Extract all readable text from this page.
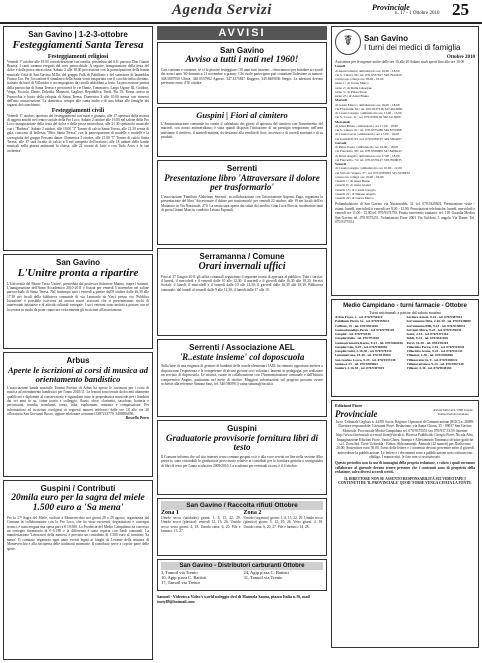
Agenda Servizi	Provinciale
n. 17 - 1 Ottobre 2010 25
San Gavino | 1-2-3-ottobre
Festeggiamenti Santa Teresa
Festeggiamenti religiosi

Venerdì 1° ottobre alle 18.00 concelebrazione con omelia, presieduta dal S.E. parroco Don Gianni Branca. I canti saranno eseguiti dal coro parrocchiale. A seguire, inaugurazione della festa del dolce e della pesca miracolosa. Sabato 2 alle 18.00 processione con la partecipazione della banda musicale Città di San Gavino M.llo, del gruppo Folk di Pabillonis e del suonatore di launeddas Franco Lor. Per l'occasione il simulacro della Santa verrà trasportato con il cocchio infiocchettato, trainato da buoi di Villacidro e accompagnato da cavalli addobbati a festa. La processione partirà dalla parrocchia di Santa Teresa e percorrerà le vie Dante, Tommaseo, Largo Ugone III, Goldoni, Verga, Foscolo, Dante, Deledda, Manzoni, Gagliari, Repubblica, Verdi, Pio IX, Roma, arrivo in Parrocchia e bacio della reliquia di Santa Teresa. Domenica 3 alle 10.00 messa con rinnovo dell'atto consacrazione. La domenica, sempre alle canta anche e di una bibita alle famiglie dei ragazzi del catechismo.

Festeggiamenti civili

Venerdì 1° ottobre, apertura dei festeggiamenti con ruzzi e granaio; alle 17 apertura della mostra di oggetti antichi nel centro sociale della Pro Loco. Sabato 2 ottobre alle 16.00 nel salone della Pro Loco inaugurazione della festa del dolce e della pesca miracolosa, alle 21.30 spettacolo musicale con i "Barbera". Sabato 2 ottobre, alle 18.00 "I" Torneo di calcio Santa Teresa, alle 21.30 serata di gala, concorso di bellezza "Miss Santa Teresa" con la partecipazione di modelle e modelli e la coreografia del gruppo Pessona danze. Domenica 3 ottobre, alle 15.00 "I" Torneo di calcio Santa Teresa; alle 17 sarà fornito di calcio a 5 nel campetto dell'oratorio; alle 18 radune delle bande musicali nella piazza antistante la chiesa; alle 22 sconto di lotto e con 'Italo Arcis e la sua orchestra'.

San Gavino
L'Unitre pronta a ripartire

L'Università del Monte Terza 'Unitre', presieduta dal professor Salvatore Manno, riapre i battenti. L'inaugurazione dell'Anno Accademico 2010-2011 è fissata per venerdì 5 novembre nel salone parrocchiale di Santa Teresa. Nel frattempo tutti i venerdì a partire dall'8 ottobre dalle 16.30 alle 17.30 nei locali della biblioteca comunale di via Leonardo da Vinci presso via 'Pubblica Istruzione' è possibile iscriversi ad ancora nuovi associati che si presenteranno ricchi di interessanti iniziative e di attività culturali variegate. I soci veterani sono invitati a portare con sé la tessera in modo da poter rinnovare velocemente gli iscrizioni all'associazione.

Arbus
Aperte le iscrizioni ai corsi di musica ad orientamento bandistico

L'associazione banda musicale Tommi Porrino di Arbus ha aperto le iscrizioni per i corsi di musica ad orientamento bandistico per l'anno 2010/11. Le lezioni sono tenute da docenti altamente qualificati e diplomati al conservatorio e riguardano tutte le propedeutica musicale per i bambini dai sei anni in su, come teoria e solfeggio, flauto, oboe, clarinetto, saxofono, batteria e percussioni, tromba, trombone, corno, tuba, euphonium, armonia e composizione. Per informazioni ed iscrizioni rivolgersi ai seguenti numeri telefonici dalle ore 18 alle ore 20 all'oratorio San Giovanni Bosco, oppure telefonare ai numeri 3387213779, 3406906856.

Rossella Porru
Guspini / Contributi
20mila euro per la sagra del miele 1.500 euro a 'Sa mena'

Per la 17ª Sagra del Miele, svoltasi a Montevecchio nei giorni 28 e 29 agosto, organizzata dal Comune in collaborazione con la Pro Loco, che ha visto esercenti, degustazioni e convegni tecnici, è stata erogata una spesa pari a € 19.500. La Provincia del Medio Campidano ha concesso un sostegno finanziario di € 6.180 e la differenza è stata coperta con fondi comunali. La manifestazione 'Lavoratori della miniera' è previsto un contributo di 1.500 euro al comitato 'Sa mena'. Il comitato organizza ogni anno eventi legati ai luoghi di Levante della miniera di Montevecchio e alla riscoperta delle tradizioni minerarie. Il contributo serve a coprire parte delle spese.

AVVISI
San Gavino
Avviso a tutti i nati nel 1960!

Cari coetanei e coetanee, se vi fa piacere festeggiare i 50 anni tutti insieme... ritroviamoci per brindare ai ricordi dei nostri anni '60 domenica 21 novembre a pranzo. Chi vuole partecipare può contattare l'adesione ai numeri: 348.5807950 Ulisse, 340.0537982 Agnese, 347.1275847 Ruggero, 349.8409036 Sergio. Le adesioni devono pervenire entro il 30 ottobre

Guspini | Fiori al cimitero

L'Amministrazione comunale ha varato il calendario dei giorni di apertura del cimitero con l'inserimento del martedì, con orario antimeridiano; è stata quindi disposta l'istituzione di un prestigio temporaneo nell'area antistante il cimitero, il martedì mattina, da destinare alla vendita di fiori, accessori e di corredi mortuari e di su prodotti.

Serrenti
Presentazione libro 'Attraversare il dolore per trasformarlo'

L'associazione 'Familiari Alzheimer Serrenti', in collaborazione con l'associazione Argento Zago, organizza la presentazione del libro 'Attraversare il dolore per trasformarlo' per venerdì 22 ottobre, alle 19 nei locali dell'ex Mattatoio in Via Nazionale, 270. La serata sarà aperta dai saluti del medico Gian Luca Boccia, moderatore tanti di poeta Gianni Mascia, condotto Letizia Espanoli.

Serramanna / Comune
Orari invernali uffici

Fino al 17 Giugno 2011 gli uffici comunali seguiranno il seguente orario di apertura al pubblico: Tutti i servizi: il lunedì, il mercoledì e il venerdì dalle 10 alle 12,30; il martedì e il giovedì dalle 16,30 alle 18,30. Servizi Sociali: il lunedì, il mercoledì e il venerdì dalle 10 alle 12,30; il giovedì dalle 16,30 alle 18,30. Biblioteca comunale: dal lunedì al venerdì dalle 9 alle 12,30; il lunedì dalle 17 alle 19.

Serrenti / Associazione AEL
'R..estate insieme' col doposcuola

Stilla base di una esigenza di genitori di bambini delle scuole elementari l'AEL ha ritenuto opportuno mettere a disposizione l'esperienza e le competenze di alcuni giovani soci volontari, laureati in pedagogia, per realizzare un servizio di doposcuola. Le attività, curate in collaborazione con l'Amministrazione comunale e dall'Istituto comprensivo Angius, partiranno nel mese di ottobre. Maggiori informazioni sul progetto possono essere richieste alla referente Simona Saus, tel. 340/5805913 vaina simona@tiscali.it

Guspini
Graduatorie provvisorie fornitura libri di testo

Il Comune informa che sul sito internet www.comune.guspini.vs.it e alla voce servizi on line nella sezione Albo pretorio, sono visionabili le graduatorie provvisorie relative ai contributi per la fornitura gratuita o semigratuita di libri di testo per l'anno scolastico 2009/2010. La scadenza per eventuali ricorsi è il 4 ottobre.

San Gavino / Raccolta rifiuti Ottobre
Zona 1

Umido secco (unidades) giorni: 1, 8, 15, 22, 29. Umido secco (plastica): venerdì 12, 19, 26. Umido secco vetro giorni: 4, 18. Umido carta: 6, 20. Pile e farmaci: 13, 27.

Zona 2

Umido (organico) giorni: 1, 8, 15, 22, 29. Umido secco (plastica) giorni: 5, 12, 19, 26. Vetro giorni: 4, 18. Umido carta: 6, 20, 27. Pile e farmaci: 14, 28.

San Gavino - Distributori carburanti Ottobre
3, Tamoil via Trento
10, Agip p.zza C. Battisti
17, Tamoil via Trento
24, Agip p.zza C. Battisti
31, Tamoil via Trento
Samuel - Videoteca Video's world noleggio dvd di Manuela Sanna, piazza Italia n.16, mail turty89@hotmail.com
☤	San Gavino
I turni dei medici di famiglia
Ottobre 2010

Assistenza per le urgenze anche dalle ore 10 alle 20 Sabato studi aperti fino alle ore 10.00

Lunedi
dr Azeni Gianni | ambulatorio ore 16,00 - 18,00
via S. Chiara, 96 | tel. 070.9337027 349.7944320
a turno un collega ore 18,00 - 19,00
turno 1 | dr Garau Marco
turno 2 | dr Dolla Giuseppe
turno 3 | dr Pittau Paolo
turno 25 | dr Atzei Bruno
Martedì
dr Garau Marco | ambulatorio ore 16,00 - 18,00
via Fiorentini, 64 | tel. 070.9337236 347.4616085
dr Cassia Giorgio | ambulatorio ore 11,00 - 13,00
via S. Croce, 31 | tel. 070.9338136 340.5115006
Mercoledì
dr Atzei Bruno | ambulatorio ore 17,00 - 18,00
via S. Chiara, 61 | tel. 070.9375286 340.8751988
dr Cassia Lucia | ambulatorio ore 17,00 - 19,00
via Garibaldi, 93 | tel. 070.9339197 349.5364457
Giovedì
dr Pinna Paolo | ambulatorio ore 16,00 - 18,00
via Fanciello, 96 | tel. 070.9339009 347.8406243
dr Dessì Angela | ambulatorio ore 17,00 - 18,00
via Fanciello, 74 | tel. 070.9379147 338.7069035
Venerdì
dr Cassia Giorgio | ambulatorio ore 10,00 - 12,00
via Vittorio Veneto, 27 | tel. 070.9339993 345.3238434
a turno un collega ore 16,00 - 19,00
venerdì 1 | dr Atzei Bruno
venerdì 8 | dr Atzei Gianni
venerdì 15 | dr Cassia Giorgio
venerdì 22 | dr Deiana Angela
venerdì 29 | dr Garau Marco

Poliambulatorio di San Gavino via Nurazzeddu, 31: tel. 070.9320601. Prenotazione visite - esami: lunedì, mercoledì e venerdì ore 9,00 - 12,00. Prenotazioni telefoniche: lunedì, mercoledì e venerdì ore 11,00 - 13,00 tel. 070/9374750. Pronto intervento sanitario: tel. 118. Guardia Medica San Gavino tel. 070.9375251. Volontariato Fiore 2001 Via Goldoni, 1 angolo Via Dante: Tel. 070.9375554

Medio Campidano - turni farmacie - Ottobre
Turni settimanali a partire dal sabato mattina
Arbus Frore, 2 - tel. 070/9756510
Pabillonis Pietro Sa - tel. 070/9353013
Collinas, 25 - tel. 070/9304106
Gonnosfanadiga Porru - tel. 070/9799103
Guspini - tel. 070/970146
Guspini Palla - tel. 070/972010
Gonnostramatza Razzo, 9-23 - tel. 070/9368106
Guspini Lim, 9-23 - tel. 070/9365082
Guspini Gelsi, 2-16-30 - tel. 070/970334
Lunamatrona, 16-30 - tel. 070/9339300
San Gavino Cocco, 9-23 - tel. 070/9337238
Samassi, 23 - tel. 070/9389063
Sanluri, 2-16-30 - tel. 070/9307019
Sardara Atzori, 9-23 - tel. 070/9387012
Serramanna Ibba, 2-16-30 - tel. 070/9138080
Serramanna Pilli, 9-23 - tel. 070/9138031
Serrenti Mura, 9-23 - tel. 070/9159034
Setzu, 2-16 - tel. 070/9372161
Siddi, 9-23 - tel. 070/9341026
Turri, 16-30 - tel. 0783/95204
Villacidro Porru, 2-16 - tel. 070/9315044
Villacidro Scano, 9-23 - tel. 070/931133
Villamar, 2-30 - tel. 070/9306006
Villanovaforru, 9 - tel. 070/9300022
Villanovafranca, 9-23 - tel. 070/9367140
Villasor, 2-30 - tel. 070/9648184
Edizioni Fiore
Provinciale	ASSOCIATO ALL'USPI Unione Stampa Periodica Italiana

Iscrz. Tribunale Cagliari n. 44/89. Iscriz. Registro Operatori di Comunicazione (ROC) n. 20089. Direttore responsabile: Giovanni Fiore. Redazione: via Santa Chiara, 35 - 09037 San Gavino Monreale. Provinciale Medio Campidano tel. 070/9375051 fax 070/937.53.59. Internet http://www.fiorenstudi.it e-mail fiore@tiscali.it. Ricerca Pubblicità: Giorgio Fiore, Nicola Abis. Impaginazione Edizioni Fiore, Vania Cheru. Stampa e Allestimento Tommaso officine grafiche s.r.l. Zona Ind. Torre Uchiedda - Elmas. Abbonamenti: Annuale (22 numeri) per l'Italia euro 20,00; Sostenitore euro 50,00. I testi delle lettere e i contenuti devono pervenire entro il giovedì antecedente la pubblicazione. Le lettere e i documenti sono a pubblicazione non costituiscono obbligo. I manoscritti, le foto non si restituiscono.

Questo periodico non fa uso di immagini della propria redazione, e coloro i quali vorranno collaborare al giornale devono tenere presente che i contenuti sono di proprietà della redazione, salvo diversi accordi scritti.

IL DIRETTORE NON SE ASSUNTO RESPONSABILITÀ SUI VIDEOTAPE I CONTENUTI DE 'IL PROVINCIALE' QUOD 'FORSE VENGA CITATA LA FONTE.
